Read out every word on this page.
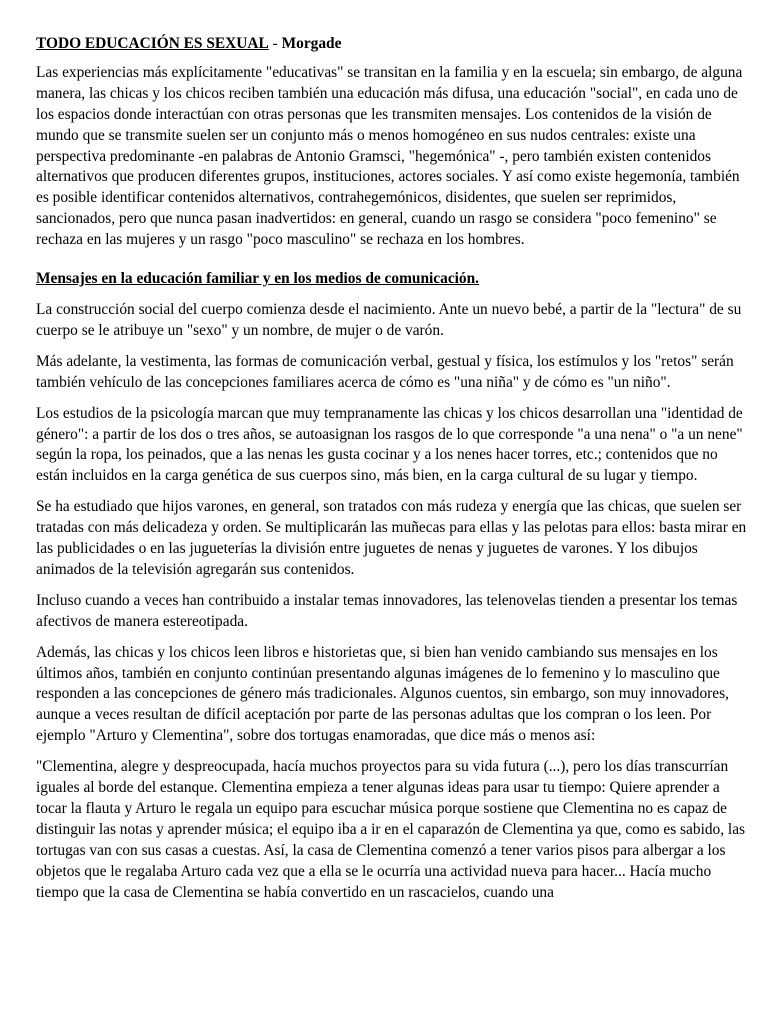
TODO EDUCACIÓN ES SEXUAL - Morgade

Las experiencias más explícitamente "educativas" se transitan en la familia y en la escuela; sin embargo, de alguna manera, las chicas y los chicos reciben también una educación más difusa, una educación "social", en cada uno de los espacios donde interactúan con otras personas que les transmiten mensajes. Los contenidos de la visión de mundo que se transmite suelen ser un conjunto más o menos homogéneo en sus nudos centrales: existe una perspectiva predominante -en palabras de Antonio Gramsci, "hegemónica" -, pero también existen contenidos alternativos que producen diferentes grupos, instituciones, actores sociales. Y así como existe hegemonía, también es posible identificar contenidos alternativos, contrahegemónicos, disidentes, que suelen ser reprimidos, sancionados, pero que nunca pasan inadvertidos: en general, cuando un rasgo se considera "poco femenino" se rechaza en las mujeres y un rasgo "poco masculino" se rechaza en los hombres.

Mensajes en la educación familiar y en los medios de comunicación.

La construcción social del cuerpo comienza desde el nacimiento. Ante un nuevo bebé, a partir de la "lectura" de su cuerpo se le atribuye un "sexo" y un nombre, de mujer o de varón.

Más adelante, la vestimenta, las formas de comunicación verbal, gestual y física, los estímulos y los "retos" serán también vehículo de las concepciones familiares acerca de cómo es "una niña" y de cómo es "un niño".

Los estudios de la psicología marcan que muy tempranamente las chicas y los chicos desarrollan una "identidad de género": a partir de los dos o tres años, se autoasignan los rasgos de lo que corresponde "a una nena" o "a un nene" según la ropa, los peinados, que a las nenas les gusta cocinar y a los nenes hacer torres, etc.; contenidos que no están incluidos en la carga genética de sus cuerpos sino, más bien, en la carga cultural de su lugar y tiempo.

Se ha estudiado que hijos varones, en general, son tratados con más rudeza y energía que las chicas, que suelen ser tratadas con más delicadeza y orden. Se multiplicarán las muñecas para ellas y las pelotas para ellos: basta mirar en las publicidades o en las jugueterías la división entre juguetes de nenas y juguetes de varones. Y los dibujos animados de la televisión agregarán sus contenidos.

Incluso cuando a veces han contribuido a instalar temas innovadores, las telenovelas tienden a presentar los temas afectivos de manera estereotipada.

Además, las chicas y los chicos leen libros e historietas que, si bien han venido cambiando sus mensajes en los últimos años, también en conjunto continúan presentando algunas imágenes de lo femenino y lo masculino que responden a las concepciones de género más tradicionales. Algunos cuentos, sin embargo, son muy innovadores, aunque a veces resultan de difícil aceptación por parte de las personas adultas que los compran o los leen. Por ejemplo "Arturo y Clementina", sobre dos tortugas enamoradas, que dice más o menos así:

"Clementina, alegre y despreocupada, hacía muchos proyectos para su vida futura (...), pero los días transcurrían iguales al borde del estanque. Clementina empieza a tener algunas ideas para usar tu tiempo: Quiere aprender a tocar la flauta y Arturo le regala un equipo para escuchar música porque sostiene que Clementina no es capaz de distinguir las notas y aprender música; el equipo iba a ir en el caparazón de Clementina ya que, como es sabido, las tortugas van con sus casas a cuestas. Así, la casa de Clementina comenzó a tener varios pisos para albergar a los objetos que le regalaba Arturo cada vez que a ella se le ocurría una actividad nueva para hacer... Hacía mucho tiempo que la casa de Clementina se había convertido en un rascacielos, cuando una
